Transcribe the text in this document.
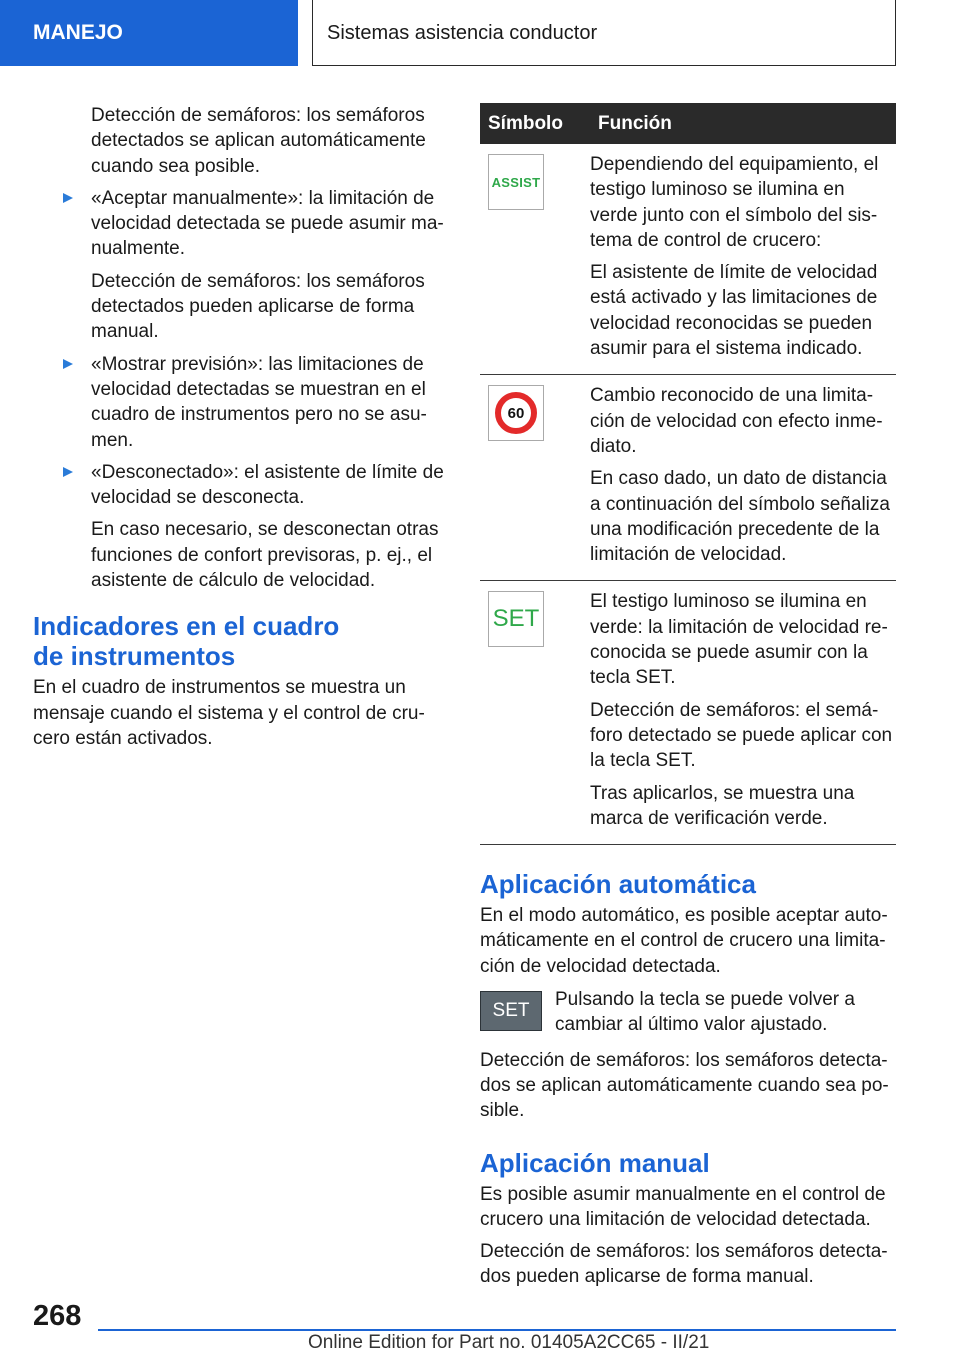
MANEJO	Sistemas asistencia conductor

Detección de semáforos: los semáforos detectados se aplican automáticamente cuando sea posible.

«Aceptar manualmente»: la limitación de velocidad detectada se puede asumir ma-nualmente.

Detección de semáforos: los semáforos detectados pueden aplicarse de forma manual.

«Mostrar previsión»: las limitaciones de velocidad detectadas se muestran en el cuadro de instrumentos pero no se asu-men.

«Desconectado»: el asistente de límite de velocidad se desconecta.

En caso necesario, se desconectan otras funciones de confort previsoras, p. ej., el asistente de cálculo de velocidad.

Indicadores en el cuadro
de instrumentos

En el cuadro de instrumentos se muestra un mensaje cuando el sistema y el control de cru-cero están activados.

Símbolo	Función

ASSIST	Dependiendo del equipamiento, el testigo luminoso se ilumina en verde junto con el símbolo del sis-tema de control de crucero:

El asistente de límite de velocidad está activado y las limitaciones de velocidad reconocidas se pueden asumir para el sistema indicado.

60	Cambio reconocido de una limita-ción de velocidad con efecto inme-diato.

En caso dado, un dato de distancia a continuación del símbolo señaliza una modificación precedente de la limitación de velocidad.

SET	El testigo luminoso se ilumina en verde: la limitación de velocidad re-conocida se puede asumir con la tecla SET.

Detección de semáforos: el semá-foro detectado se puede aplicar con la tecla SET.

Tras aplicarlos, se muestra una marca de verificación verde.

Aplicación automática

En el modo automático, es posible aceptar auto-máticamente en el control de crucero una limita-ción de velocidad detectada.

SET

Pulsando la tecla se puede volver a cambiar al último valor ajustado.

Detección de semáforos: los semáforos detecta-dos se aplican automáticamente cuando sea po-sible.

Aplicación manual

Es posible asumir manualmente en el control de crucero una limitación de velocidad detectada.

Detección de semáforos: los semáforos detecta-dos pueden aplicarse de forma manual.

268
Online Edition for Part no. 01405A2CC65 - II/21
